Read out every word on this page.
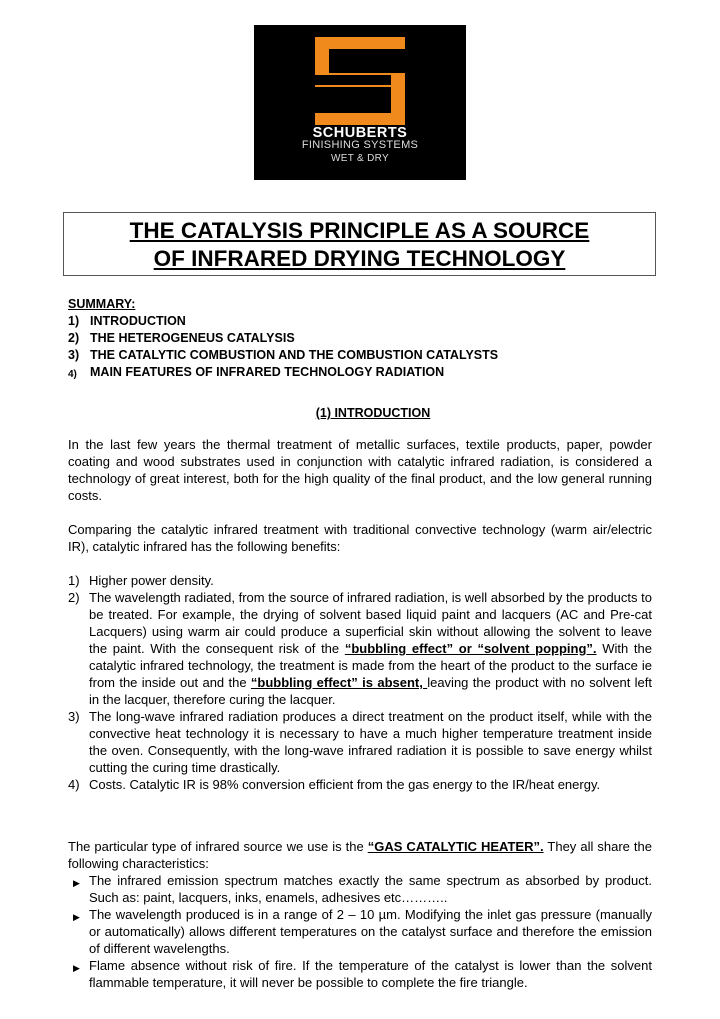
SCHUBERTS
FINISHING SYSTEMS
WET & DRY
THE CATALYSIS PRINCIPLE AS A SOURCE
OF INFRARED DRYING TECHNOLOGY
SUMMARY:
1) INTRODUCTION
2) THE HETEROGENEUS CATALYSIS
3) THE CATALYTIC COMBUSTION AND THE COMBUSTION CATALYSTS
4)	MAIN FEATURES OF INFRARED TECHNOLOGY RADIATION
(1) INTRODUCTION
In the last few years the thermal treatment of metallic surfaces, textile products, paper, powder coating and wood substrates used in conjunction with catalytic infrared radiation, is considered a technology of great interest, both for the high quality of the final product, and the low general running costs.
Comparing the catalytic infrared treatment with traditional convective technology (warm air/electric IR), catalytic infrared has the following benefits:
1) Higher power density.
2) The wavelength radiated, from the source of infrared radiation, is well absorbed by the products to be treated. For example, the drying of solvent based liquid paint and lacquers (AC and Pre-cat Lacquers) using warm air could produce a superficial skin without allowing the solvent to leave the paint. With the consequent risk of the “bubbling effect” or “solvent popping”. With the catalytic infrared technology, the treatment is made from the heart of the product to the surface ie from the inside out and the “bubbling effect” is absent, leaving the product with no solvent left in the lacquer, therefore curing the lacquer.
3) The long-wave infrared radiation produces a direct treatment on the product itself, while with the convective heat technology it is necessary to have a much higher temperature treatment inside the oven. Consequently, with the long-wave infrared radiation it is possible to save energy whilst cutting the curing time drastically.
4) Costs. Catalytic IR is 98% conversion efficient from the gas energy to the IR/heat energy.
The particular type of infrared source we use is the “GAS CATALYTIC HEATER”. They all share the following characteristics:
▶ The infrared emission spectrum matches exactly the same spectrum as absorbed by product. Such as: paint, lacquers, inks, enamels, adhesives etc………..
▶ The wavelength produced is in a range of 2 – 10 µm. Modifying the inlet gas pressure (manually or automatically) allows different temperatures on the catalyst surface and therefore the emission of different wavelengths.
▶ Flame absence without risk of fire. If the temperature of the catalyst is lower than the solvent flammable temperature, it will never be possible to complete the fire triangle.
